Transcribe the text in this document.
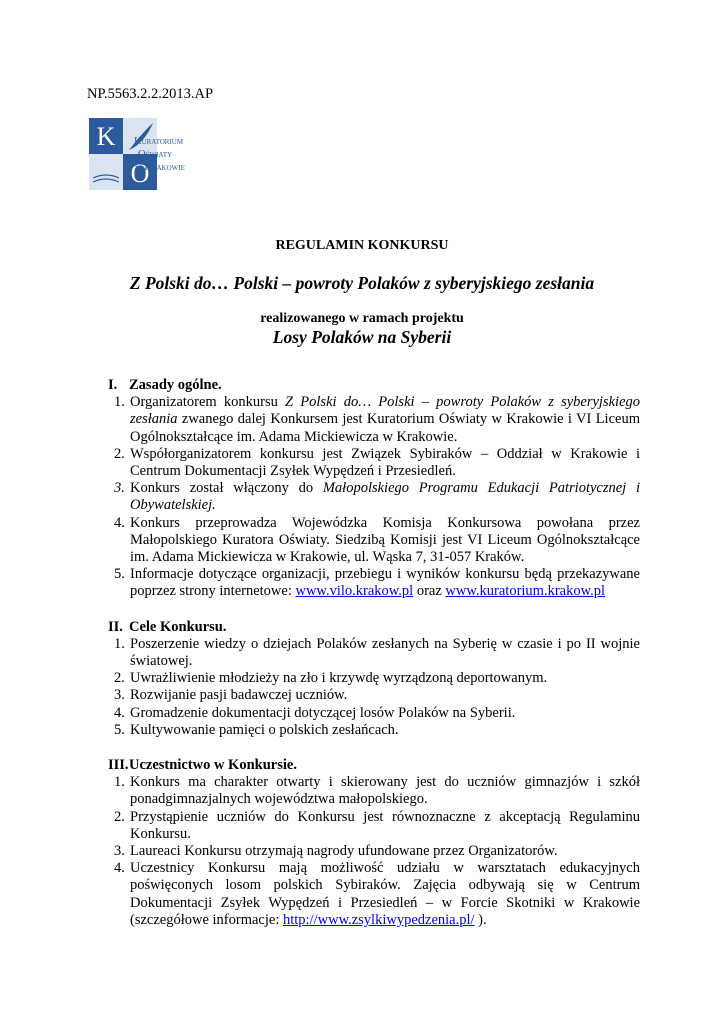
NP.5563.2.2.2013.AP
K
O
Kuratorium
Oświaty
w Krakowie
REGULAMIN KONKURSU
Z Polski do… Polski – powroty Polaków z syberyjskiego zesłania
realizowanego w ramach projektu
Losy Polaków na Syberii
I. Zasady ogólne.
1. Organizatorem konkursu Z Polski do… Polski – powroty Polaków z syberyjskiego zesłania zwanego dalej Konkursem jest Kuratorium Oświaty w Krakowie i VI Liceum Ogólnokształcące im. Adama Mickiewicza w Krakowie.
2. Współorganizatorem konkursu jest Związek Sybiraków – Oddział w Krakowie i Centrum Dokumentacji Zsyłek Wypędzeń i Przesiedleń.
3. Konkurs został włączony do Małopolskiego Programu Edukacji Patriotycznej i Obywatelskiej.
4. Konkurs przeprowadza Wojewódzka Komisja Konkursowa powołana przez Małopolskiego Kuratora Oświaty. Siedzibą Komisji jest VI Liceum Ogólnokształcące im. Adama Mickiewicza w Krakowie, ul. Wąska 7, 31-057 Kraków.
5. Informacje dotyczące organizacji, przebiegu i wyników konkursu będą przekazywane poprzez strony internetowe: www.vilo.krakow.pl oraz www.kuratorium.krakow.pl
II. Cele Konkursu.
1. Poszerzenie wiedzy o dziejach Polaków zesłanych na Syberię w czasie i po II wojnie światowej.
2. Uwrażliwienie młodzieży na zło i krzywdę wyrządzoną deportowanym.
3. Rozwijanie pasji badawczej uczniów.
4. Gromadzenie dokumentacji dotyczącej losów Polaków na Syberii.
5. Kultywowanie pamięci o polskich zesłańcach.
III. Uczestnictwo w Konkursie.
1. Konkurs ma charakter otwarty i skierowany jest do uczniów gimnazjów i szkół ponadgimnazjalnych województwa małopolskiego.
2. Przystąpienie uczniów do Konkursu jest równoznaczne z akceptacją Regulaminu Konkursu.
3. Laureaci Konkursu otrzymają nagrody ufundowane przez Organizatorów.
4. Uczestnicy Konkursu mają możliwość udziału w warsztatach edukacyjnych poświęconych losom polskich Sybiraków. Zajęcia odbywają się w Centrum Dokumentacji Zsyłek Wypędzeń i Przesiedleń – w Forcie Skotniki w Krakowie (szczegółowe informacje: http://www.zsylkiwypedzenia.pl/ ).
